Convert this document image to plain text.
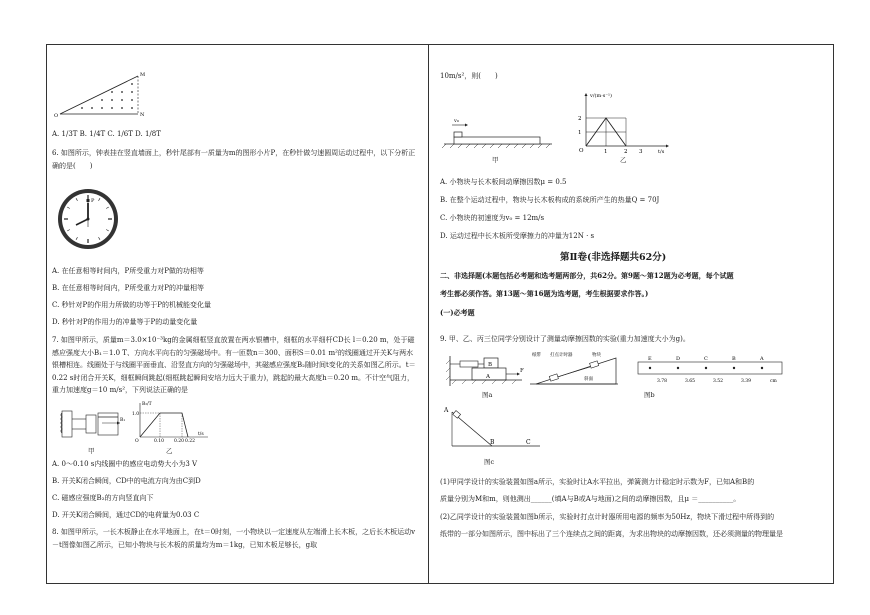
M
N
O
A. 1/3T B. 1/4T C. 1/6T D. 1/8T
6. 如图所示，钟表挂在竖直墙面上，秒针尾部有一质量为m的图形小片P，在秒针做匀速圆周运动过程中，以下分析正确的是(　　)
P
A. 在任意相等时间内，P所受重力对P做的功相等
B. 在任意相等时间内，P所受重力对P的冲量相等
C. 秒针对P的作用力所做的功等于P的机械能变化量
D. 秒针对P的作用力的冲量等于P的动量变化量
7. 如图甲所示，质量m＝3.0×10⁻³kg的金属细框竖直放置在两水银槽中，细框的水平细杆CD长 l＝0.20 m，处于磁感应强度大小B₁＝1.0 T、方向水平向右的匀强磁场中。有一匝数n＝300、面积S＝0.01 m²的线圈通过开关K与两水银槽相连。线圈处于与线圈平面垂直、沿竖直方向的匀强磁场中，其磁感应强度B₂随时间t变化的关系如图乙所示。t＝0.22 s时闭合开关K，细框瞬间跳起(细框跳起瞬间安培力远大于重力)，跳起的最大高度h＝0.20 m。不计空气阻力，重力加速度g＝10 m/s²，下列说法正确的是
B₁
甲
B₂/T
1.0
O	0.10 0.20 0.22
t/s
乙
A. 0～0.10 s内线圈中的感应电动势大小为3 V
B. 开关K闭合瞬间，CD中的电流方向为由C到D
C. 磁感应强度B₂的方向竖直向下
D. 开关K闭合瞬间，通过CD的电荷量为0.03 C
8. 如图甲所示，一长木板静止在水平地面上，在t＝0时刻，一小物块以一定速度从左端滑上长木板，之后长木板运动v－t图像如图乙所示，已知小物块与长木板的质量均为m＝1kg，已知木板足够长，g取
10m/s²，则(　　)
v₀
甲
v/(m·s⁻¹)
2
1
O	1	2 3	t/s
乙
A. 小物块与长木板间动摩擦因数μ = 0.5
B. 在整个运动过程中，物块与长木板构成的系统所产生的热量Q = 70J
C. 小物块的初速度为v₀ = 12m/s
D. 运动过程中长木板所受摩擦力的冲量为12N · s
第Ⅱ卷(非选择题共62分)
二、非选择题(本题包括必考题和选考题两部分，共62分。第9题～第12题为必考题，每个试题
考生都必须作答。第13题～第16题为选考题，考生根据要求作答。)
(一)必考题
9. 甲、乙、丙三位同学分别设计了测量动摩擦因数的实验(重力加速度大小为g)。
B
A
F
图a
纸带 打点计时器	物块
斜面
E	D	C	B	A
3.78	3.65	3.52	3.39	cm
图b
A
B	C
图c
(1)甲同学设计的实验装置如图a所示，实验时让A水平拉出，弹簧测力计稳定时示数为F，已知A和B的
质量分别为M和m，则他测出______(填A与B或A与地面)之间的动摩擦因数，且μ ＝__________。
(2)乙同学设计的实验装置如图b所示，实验时打点计时器所用电源的频率为50Hz，物块下滑过程中所得到的
纸带的一部分如图所示，图中标出了三个连续点之间的距离，为求出物块的动摩擦因数，还必须测量的物理量是
